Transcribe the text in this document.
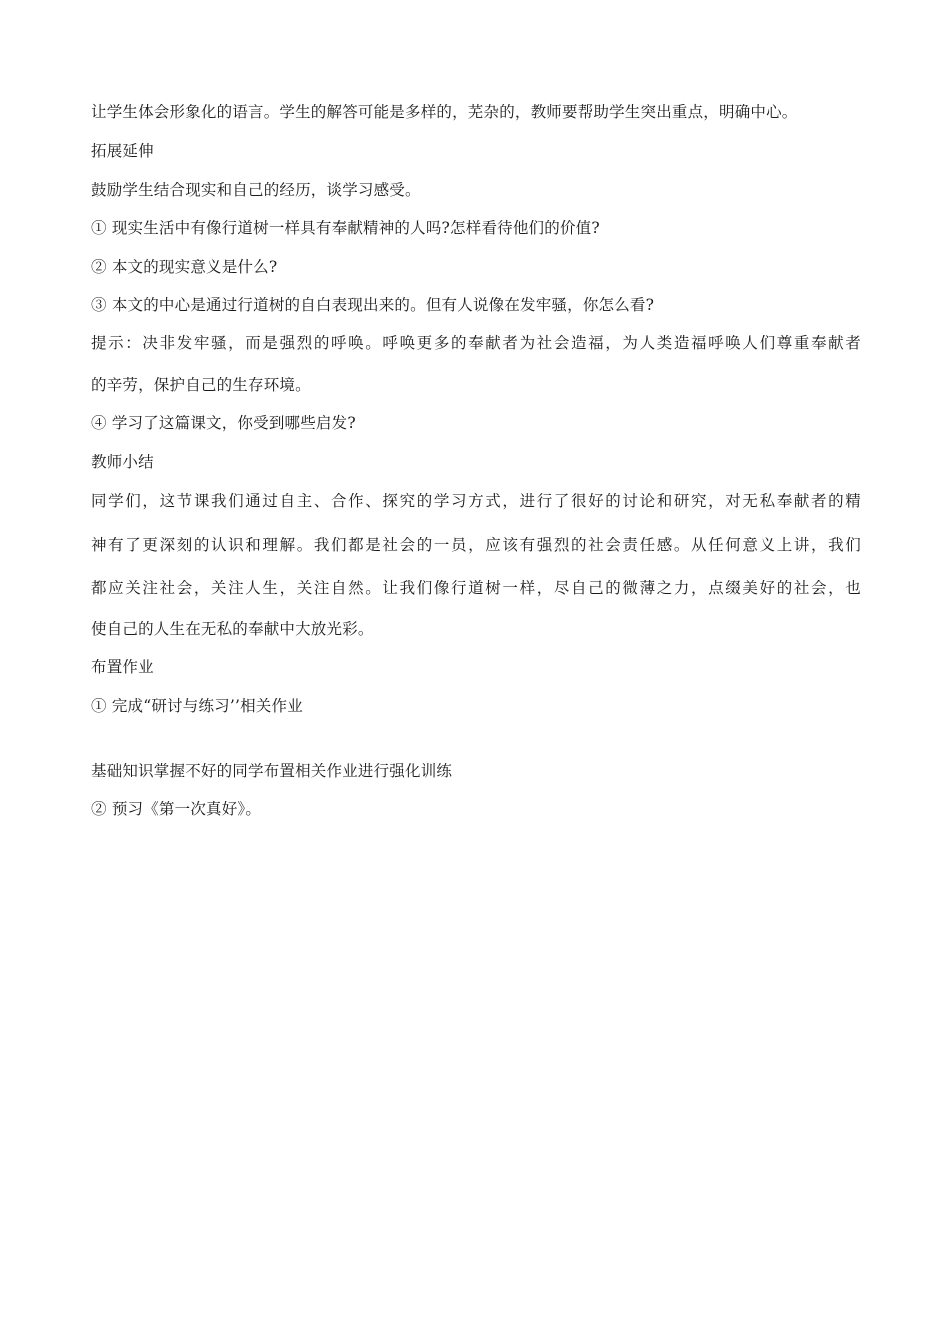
让学生体会形象化的语言。学生的解答可能是多样的，芜杂的，教师要帮助学生突出重点，明确中心。
拓展延伸
鼓励学生结合现实和自己的经历，谈学习感受。
① 现实生活中有像行道树一样具有奉献精神的人吗?怎样看待他们的价值?
② 本文的现实意义是什么?
③ 本文的中心是通过行道树的自白表现出来的。但有人说像在发牢骚，你怎么看?
提示：决非发牢骚，而是强烈的呼唤。呼唤更多的奉献者为社会造福，为人类造福呼唤人们尊重奉献者
的辛劳，保护自己的生存环境。
④ 学习了这篇课文，你受到哪些启发?
教师小结
同学们，这节课我们通过自主、合作、探究的学习方式，进行了很好的讨论和研究，对无私奉献者的精
神有了更深刻的认识和理解。我们都是社会的一员，应该有强烈的社会责任感。从任何意义上讲，我们
都应关注社会，关注人生，关注自然。让我们像行道树一样，尽自己的微薄之力，点缀美好的社会，也
使自己的人生在无私的奉献中大放光彩。
布置作业
① 完成“研讨与练习’’相关作业
基础知识掌握不好的同学布置相关作业进行强化训练
② 预习《第一次真好》。
